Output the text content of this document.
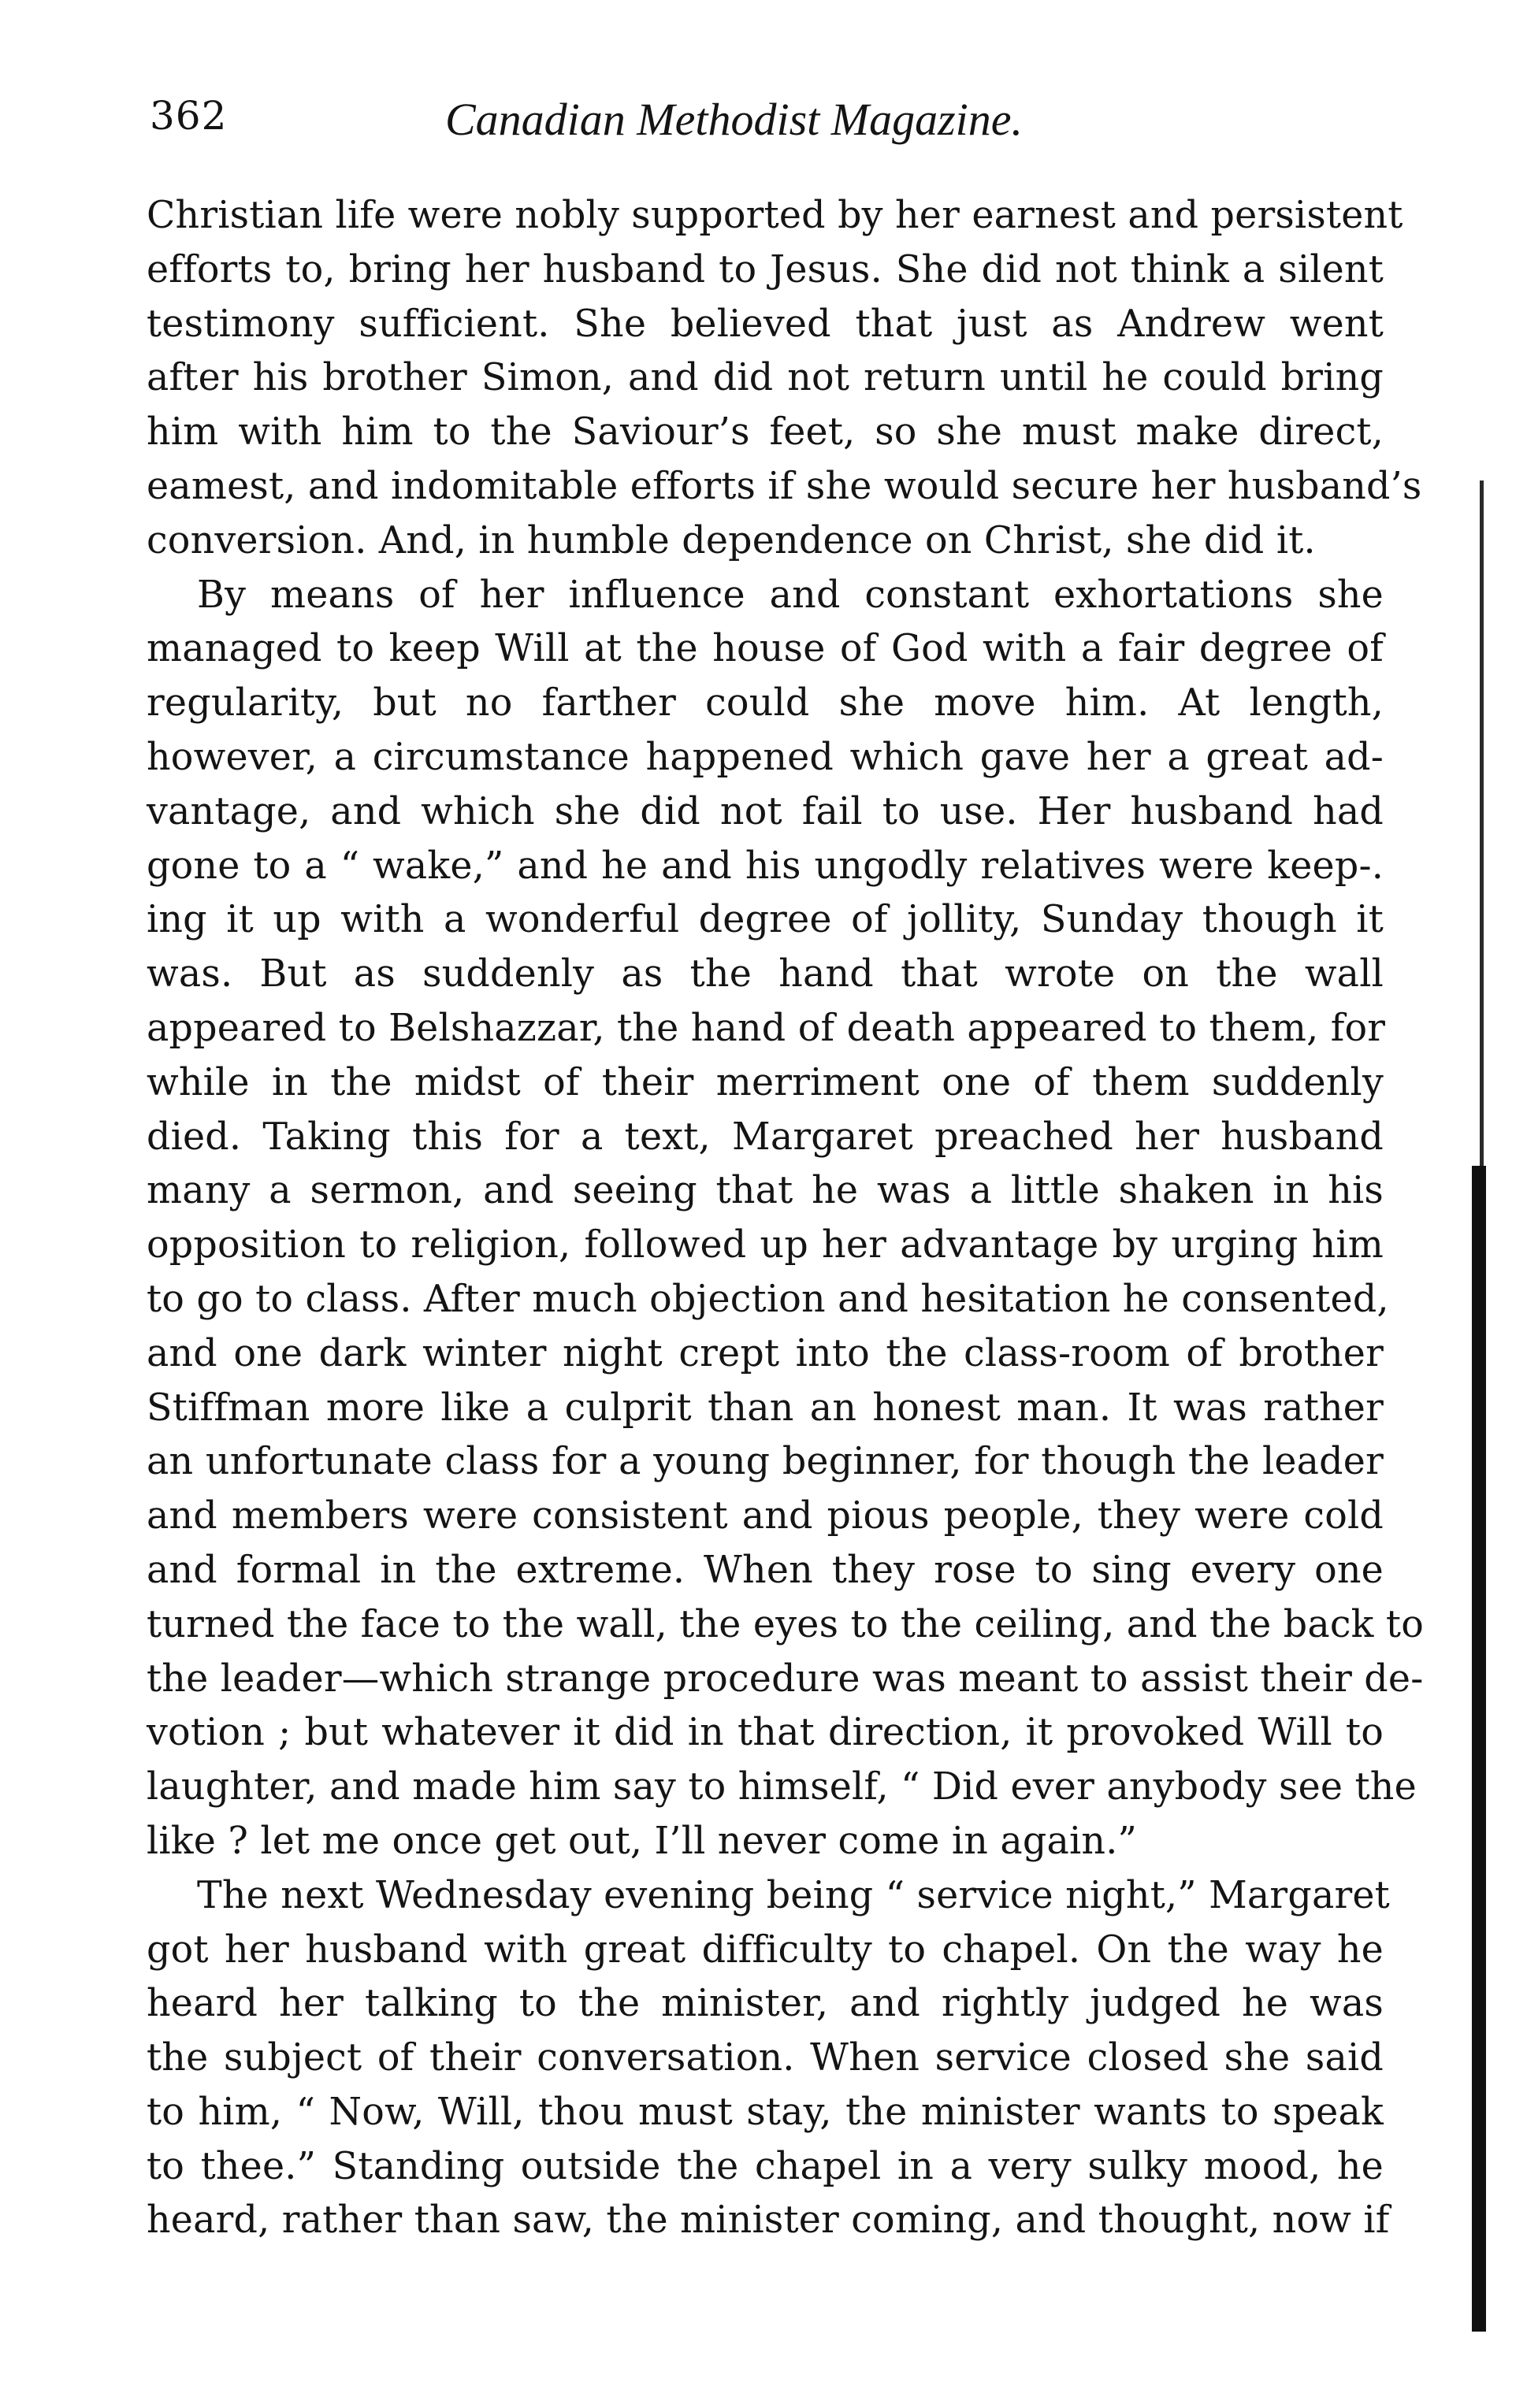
362	Canadian Methodist Magazine.
Christian life were nobly supported by her earnest and persistent
efforts to, bring her husband to Jesus. She did not think a silent
testimony sufficient. She believed that just as Andrew went
after his brother Simon, and did not return until he could bring
him with him to the Saviour’s feet, so she must make direct,
eamest, and indomitable efforts if she would secure her husband’s
conversion. And, in humble dependence on Christ, she did it.
By means of her influence and constant exhortations she
managed to keep Will at the house of God with a fair degree of
regularity, but no farther could she move him. At length,
however, a circumstance happened which gave her a great ad-
vantage, and which she did not fail to use. Her husband had
gone to a “ wake,” and he and his ungodly relatives were keep-.
ing it up with a wonderful degree of jollity, Sunday though it
was. But as suddenly as the hand that wrote on the wall
appeared to Belshazzar, the hand of death appeared to them, for
while in the midst of their merriment one of them suddenly
died. Taking this for a text, Margaret preached her husband
many a sermon, and seeing that he was a little shaken in his
opposition to religion, followed up her advantage by urging him
to go to class. After much objection and hesitation he consented,
and one dark winter night crept into the class-room of brother
Stiffman more like a culprit than an honest man. It was rather
an unfortunate class for a young beginner, for though the leader
and members were consistent and pious people, they were cold
and formal in the extreme. When they rose to sing every one
turned the face to the wall, the eyes to the ceiling, and the back to
the leader—which strange procedure was meant to assist their de-
votion ; but whatever it did in that direction, it provoked Will to
laughter, and made him say to himself, “ Did ever anybody see the
like ? let me once get out, I’ll never come in again.”
The next Wednesday evening being “ service night,” Margaret
got her husband with great difficulty to chapel. On the way he
heard her talking to the minister, and rightly judged he was
the subject of their conversation. When service closed she said
to him, “ Now, Will, thou must stay, the minister wants to speak
to thee.” Standing outside the chapel in a very sulky mood, he
heard, rather than saw, the minister coming, and thought, now if
